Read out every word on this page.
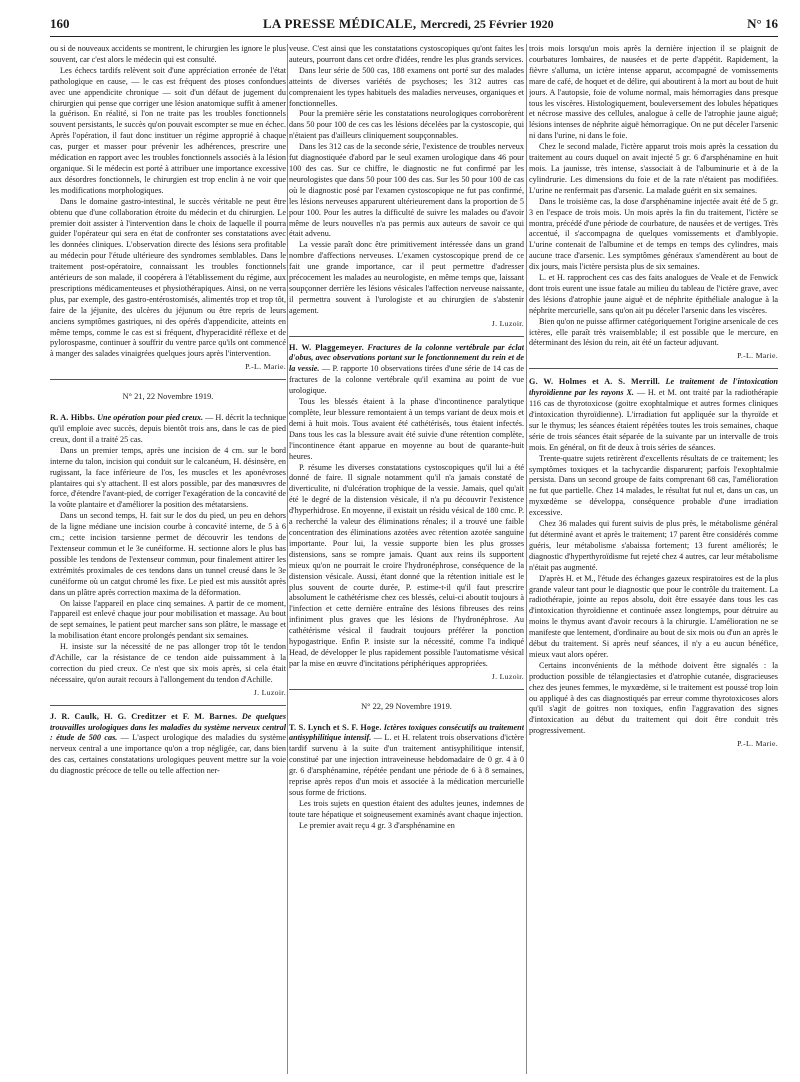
160	LA PRESSE MÉDICALE, Mercredi, 25 Février 1920	N° 16

ou si de nouveaux accidents se montrent, le chirurgien les ignore le plus souvent, car c'est alors le médecin qui est consulté.

Les échecs tardifs relèvent soit d'une appréciation erronée de l'état pathologique en cause, — le cas est fréquent des ptoses confondues avec une appendicite chronique — soit d'un défaut de jugement du chirurgien qui pense que corriger une lésion anatomique suffit à amener la guérison. En réalité, si l'on ne traite pas les troubles fonctionnels souvent persistants, le succès qu'on pouvait escompter se mue en échec. Après l'opération, il faut donc instituer un régime approprié à chaque cas, purger et masser pour prévenir les adhérences, prescrire une médication en rapport avec les troubles fonctionnels associés à la lésion organique. Si le médecin est porté à attribuer une importance excessive aux désordres fonctionnels, le chirurgien est trop enclin à ne voir que les modifications morphologiques.

Dans le domaine gastro-intestinal, le succès véritable ne peut être obtenu que d'une collaboration étroite du médecin et du chirurgien. Le premier doit assister à l'intervention dans le choix de laquelle il pourra guider l'opérateur qui sera en état de confronter ses constatations avec les données cliniques. L'observation directe des lésions sera profitable au médecin pour l'étude ultérieure des syndromes semblables. Dans le traitement post-opératoire, connaissant les troubles fonctionnels antérieurs de son malade, il coopérera à l'établissement du régime, aux prescriptions médicamenteuses et physiothérapiques. Ainsi, on ne verra plus, par exemple, des gastro-entérostomisés, alimentés trop et trop tôt, faire de la jéjunite, des ulcères du jéjunum ou être repris de leurs anciens symptômes gastriques, ni des opérés d'appendicite, atteints en même temps, comme le cas est si fréquent, d'hyperacidité réflexe et de pylorospasme, continuer à souffrir du ventre parce qu'ils ont commencé à manger des salades vinaigrées quelques jours après l'intervention.

P.-L. Marie.
N° 21, 22 Novembre 1919.

R. A. Hibbs. Une opération pour pied creux. — H. décrit la technique qu'il emploie avec succès, depuis bientôt trois ans, dans le cas de pied creux, dont il a traité 25 cas.

Dans un premier temps, après une incision de 4 cm. sur le bord interne du talon, incision qui conduit sur le calcanéum, H. désinsère, en rugissant, la face inférieure de l'os, les muscles et les aponévroses plantaires qui s'y attachent. Il est alors possible, par des manœuvres de force, d'étendre l'avant-pied, de corriger l'exagération de la concavité de la voûte plantaire et d'améliorer la position des métatarsiens.

Dans un second temps, H. fait sur le dos du pied, un peu en dehors de la ligne médiane une incision courbe à concavité interne, de 5 à 6 cm.; cette incision tarsienne permet de découvrir les tendons de l'extenseur commun et le 3e cunéiforme. H. sectionne alors le plus bas possible les tendons de l'extenseur commun, pour finalement attirer les extrémités proximales de ces tendons dans un tunnel creusé dans le 3e cunéiforme où un catgut chromé les fixe. Le pied est mis aussitôt après dans un plâtre après correction maxima de la déformation.

On laisse l'appareil en place cinq semaines. A partir de ce moment, l'appareil est enlevé chaque jour pour mobilisation et massage. Au bout de sept semaines, le patient peut marcher sans son plâtre, le massage et la mobilisation étant encore prolongés pendant six semaines.

H. insiste sur la nécessité de ne pas allonger trop tôt le tendon d'Achille, car la résistance de ce tendon aide puissamment à la correction du pied creux. Ce n'est que six mois après, si cela était nécessaire, qu'on aurait recours à l'allongement du tendon d'Achille.

J. Luzoir.

J. R. Caulk, H. G. Creditzer et F. M. Barnes. De quelques trouvailles urologiques dans les maladies du système nerveux central : étude de 500 cas. — L'aspect urologique des maladies du système nerveux central a une importance qu'on a trop négligée, car, dans bien des cas, certaines constatations urologiques peuvent mettre sur la voie du diagnostic précoce de telle ou telle affection ner-

veuse. C'est ainsi que les constatations cystoscopiques qu'ont faites les auteurs, pourront dans cet ordre d'idées, rendre les plus grands services.

Dans leur série de 500 cas, 188 examens ont porté sur des malades atteints de diverses variétés de psychoses; les 312 autres cas comprenaient les types habituels des maladies nerveuses, organiques et fonctionnelles.

Pour la première série les constatations neurologiques corroborèrent dans 50 pour 100 de ces cas les lésions décelées par la cystoscopie, qui n'étaient pas d'ailleurs cliniquement soupçonnables.

Dans les 312 cas de la seconde série, l'existence de troubles nerveux fut diagnostiquée d'abord par le seul examen urologique dans 46 pour 100 des cas. Sur ce chiffre, le diagnostic ne fut confirmé par les neurologistes que dans 50 pour 100 des cas. Sur les 50 pour 100 de cas où le diagnostic posé par l'examen cystoscopique ne fut pas confirmé, les lésions nerveuses apparurent ultérieurement dans la proportion de 5 pour 100. Pour les autres la difficulté de suivre les malades ou d'avoir même de leurs nouvelles n'a pas permis aux auteurs de savoir ce qui était advenu.

La vessie paraît donc être primitivement intéressée dans un grand nombre d'affections nerveuses. L'examen cystoscopique prend de ce fait une grande importance, car il peut permettre d'adresser précocement les malades au neurologiste, en même temps que, laissant soupçonner derrière les lésions vésicales l'affection nerveuse naissante, il permettra souvent à l'urologiste et au chirurgien de s'abstenir agement.

J. Luzoir.

H. W. Plaggemeyer. Fractures de la colonne vertébrale par éclat d'obus, avec observations portant sur le fonctionnement du rein et de la vessie. — P. rapporte 10 observations tirées d'une série de 14 cas de fractures de la colonne vertébrale qu'il examina au point de vue urologique.

Tous les blessés étaient à la phase d'incontinence paralytique complète, leur blessure remontaient à un temps variant de deux mois et demi à huit mois. Tous avaient été cathétérisés, tous étaient infectés. Dans tous les cas la blessure avait été suivie d'une rétention complète, l'incontinence étant apparue en moyenne au bout de quarante-huit heures.

P. résume les diverses constatations cystoscopiques qu'il lui a été donné de faire. Il signale notamment qu'il n'a jamais constaté de diverticulite, ni d'ulcération trophique de la vessie. Jamais, quel qu'ait été le degré de la distension vésicale, il n'a pu découvrir l'existence d'hyperhidrose. En moyenne, il existait un résidu vésical de 180 cmc. P. a recherché la valeur des éliminations rénales; il a trouvé une faible concentration des éliminations azotées avec rétention azotée sanguine importante. Pour lui, la vessie supporte bien les plus grosses distensions, sans se rompre jamais. Quant aux reins ils supportent mieux qu'on ne pourrait le croire l'hydronéphrose, conséquence de la distension vésicale. Aussi, étant donné que la rétention initiale est le plus souvent de courte durée, P. estime-t-il qu'il faut prescrire absolument le cathétérisme chez ces blessés, celui-ci aboutit toujours à l'infection et cette dernière entraîne des lésions fibreuses des reins infiniment plus graves que les lésions de l'hydronéphrose. Au cathétérisme vésical il faudrait toujours préférer la ponction hypogastrique. Enfin P. insiste sur la nécessité, comme l'a indiqué Head, de développer le plus rapidement possible l'automatisme vésical par la mise en œuvre d'incitations périphériques appropriées.

J. Luzoir.
N° 22, 29 Novembre 1919.

T. S. Lynch et S. F. Hoge. Ictères toxiques consécutifs au traitement antisyphilitique intensif. — L. et H. relatent trois observations d'ictère tardif survenu à la suite d'un traitement antisyphilitique intensif, constitué par une injection intraveineuse hebdomadaire de 0 gr. 4 à 0 gr. 6 d'arsphénamine, répétée pendant une période de 6 à 8 semaines, reprise après repos d'un mois et associée à la médication mercurielle sous forme de frictions.

Les trois sujets en question étaient des adultes jeunes, indemnes de toute tare hépatique et soigneusement examinés avant chaque injection.

Le premier avait reçu 4 gr. 3 d'arsphénamine en

trois mois lorsqu'un mois après la dernière injection il se plaignit de courbatures lombaires, de nausées et de perte d'appétit. Rapidement, la fièvre s'alluma, un ictère intense apparut, accompagné de vomissements mare de café, de hoquet et de délire, qui aboutirent à la mort au bout de huit jours. A l'autopsie, foie de volume normal, mais hémorragies dans presque tous les viscères. Histologiquement, bouleversement des lobules hépatiques et nécrose massive des cellules, analogue à celle de l'atrophie jaune aiguë; lésions intenses de néphrite aiguë hémorragique. On ne put déceler l'arsenic ni dans l'urine, ni dans le foie.

Chez le second malade, l'ictère apparut trois mois après la cessation du traitement au cours duquel on avait injecté 5 gr. 6 d'arsphénamine en huit mois. La jaunisse, très intense, s'associait à de l'albuminurie et à de la cylindrurie. Les dimensions du foie et de la rate n'étaient pas modifiées. L'urine ne renfermait pas d'arsenic. La malade guérit en six semaines.

Dans le troisième cas, la dose d'arsphénamine injectée avait été de 5 gr. 3 en l'espace de trois mois. Un mois après la fin du traitement, l'ictère se montra, précédé d'une période de courbature, de nausées et de vertiges. Très accentué, il s'accompagna de quelques vomissements et d'amblyopie. L'urine contenait de l'albumine et de temps en temps des cylindres, mais aucune trace d'arsenic. Les symptômes généraux s'amendèrent au bout de dix jours, mais l'ictère persista plus de six semaines.

L. et H. rapprochent ces cas des faits analogues de Veale et de Fenwick dont trois eurent une issue fatale au milieu du tableau de l'ictère grave, avec des lésions d'atrophie jaune aiguë et de néphrite épithéliale analogue à la néphrite mercurielle, sans qu'on ait pu déceler l'arsenic dans les viscères.

Bien qu'on ne puisse affirmer catégoriquement l'origine arsenicale de ces ictères, elle paraît très vraisemblable; il est possible que le mercure, en déterminant des lésion du rein, ait été un facteur adjuvant.

P.-L. Marie.

G. W. Holmes et A. S. Merrill. Le traitement de l'intoxication thyroïdienne par les rayons X. — H. et M. ont traité par la radiothérapie 116 cas de thyrotoxicose (goitre exophtalmique et autres formes cliniques d'intoxication thyroïdienne). L'irradiation fut appliquée sur la thyroïde et sur le thymus; les séances étaient répétées toutes les trois semaines, chaque série de trois séances était séparée de la suivante par un intervalle de trois mois. En général, on fit de deux à trois séries de séances.

Trente-quatre sujets retirèrent d'excellents résultats de ce traitement; les symptômes toxiques et la tachycardie disparurent; parfois l'exophtalmie persista. Dans un second groupe de faits comprenant 68 cas, l'amélioration ne fut que partielle. Chez 14 malades, le résultat fut nul et, dans un cas, un myxœdème se développa, conséquence probable d'une irradiation excessive.

Chez 36 malades qui furent suivis de plus près, le métabolisme général fut déterminé avant et après le traitement; 17 parent être considérés comme guéris, leur métabolisme s'abaissa fortement; 13 furent améliorés; le diagnostic d'hyperthyroïdisme fut rejeté chez 4 autres, car leur métabolisme n'était pas augmenté.

D'après H. et M., l'étude des échanges gazeux respiratoires est de la plus grande valeur tant pour le diagnostic que pour le contrôle du traitement. La radiothérapie, jointe au repos absolu, doit être essayée dans tous les cas d'intoxication thyroïdienne et continuée assez longtemps, pour détruire au moins le thymus avant d'avoir recours à la chirurgie. L'amélioration ne se manifeste que lentement, d'ordinaire au bout de six mois ou d'un an après le début du traitement. Si après neuf séances, il n'y a eu aucun bénéfice, mieux vaut alors opérer.

Certains inconvénients de la méthode doivent être signalés : la production possible de télangiectasies et d'atrophie cutanée, disgracieuses chez des jeunes femmes, le myxœdème, si le traitement est poussé trop loin ou appliqué à des cas diagnostiqués par erreur comme thyrotoxicoses alors qu'il s'agit de goitres non toxiques, enfin l'aggravation des signes d'intoxication au début du traitement qui doit être conduit très progressivement.

P.-L. Marie.
